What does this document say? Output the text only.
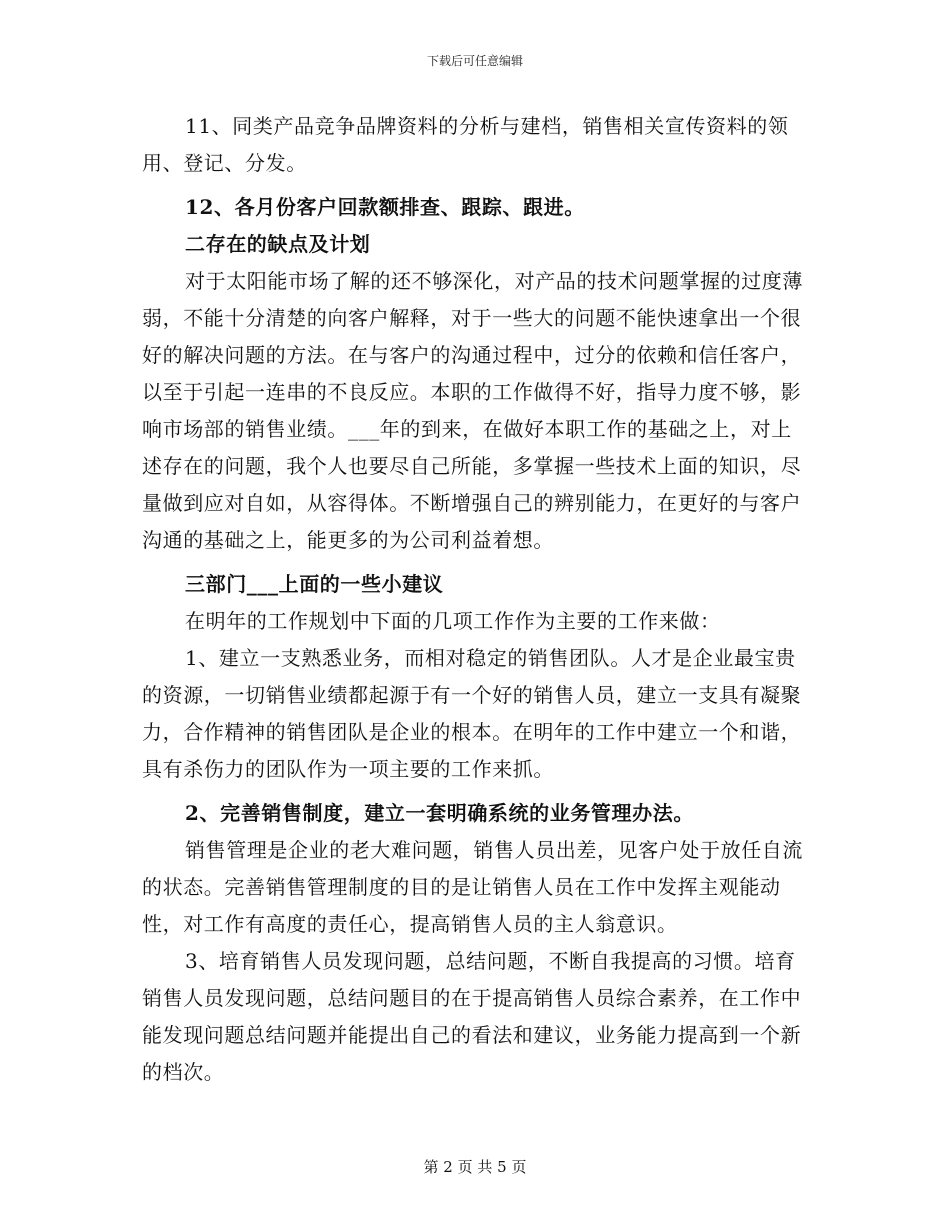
下载后可任意编辑

11、同类产品竞争品牌资料的分析与建档，销售相关宣传资料的领用、登记、分发。

12、各月份客户回款额排查、跟踪、跟进。

二存在的缺点及计划

对于太阳能市场了解的还不够深化，对产品的技术问题掌握的过度薄弱，不能十分清楚的向客户解释，对于一些大的问题不能快速拿出一个很好的解决问题的方法。在与客户的沟通过程中，过分的依赖和信任客户，以至于引起一连串的不良反应。本职的工作做得不好，指导力度不够，影响市场部的销售业绩。___年的到来，在做好本职工作的基础之上，对上述存在的问题，我个人也要尽自己所能，多掌握一些技术上面的知识，尽量做到应对自如，从容得体。不断增强自己的辨别能力，在更好的与客户沟通的基础之上，能更多的为公司利益着想。

三部门___上面的一些小建议

在明年的工作规划中下面的几项工作作为主要的工作来做：

1、建立一支熟悉业务，而相对稳定的销售团队。人才是企业最宝贵的资源，一切销售业绩都起源于有一个好的销售人员，建立一支具有凝聚力，合作精神的销售团队是企业的根本。在明年的工作中建立一个和谐，具有杀伤力的团队作为一项主要的工作来抓。

2、完善销售制度，建立一套明确系统的业务管理办法。

销售管理是企业的老大难问题，销售人员出差，见客户处于放任自流的状态。完善销售管理制度的目的是让销售人员在工作中发挥主观能动性，对工作有高度的责任心，提高销售人员的主人翁意识。

3、培育销售人员发现问题，总结问题，不断自我提高的习惯。培育销售人员发现问题，总结问题目的在于提高销售人员综合素养，在工作中能发现问题总结问题并能提出自己的看法和建议，业务能力提高到一个新的档次。

第 2 页 共 5 页
